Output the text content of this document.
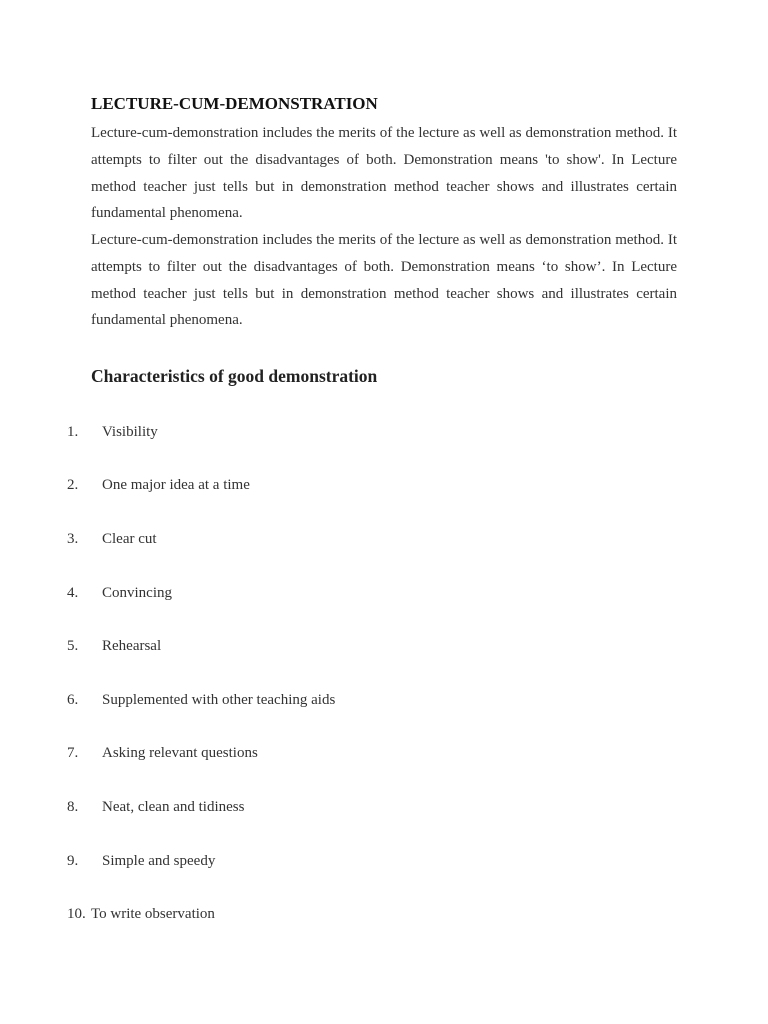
LECTURE-CUM-DEMONSTRATION

Lecture-cum-demonstration includes the merits of the lecture as well as demonstration method. It attempts to filter out the disadvantages of both. Demonstration means 'to show'. In Lecture method teacher just tells but in demonstration method teacher shows and illustrates certain fundamental phenomena.

Lecture-cum-demonstration includes the merits of the lecture as well as demonstration method. It attempts to filter out the disadvantages of both. Demonstration means ‘to show’. In Lecture method teacher just tells but in demonstration method teacher shows and illustrates certain fundamental phenomena.

Characteristics of good demonstration
1. Visibility
2. One major idea at a time
3. Clear cut
4. Convincing
5. Rehearsal
6. Supplemented with other teaching aids
7. Asking relevant questions
8. Neat, clean and tidiness
9. Simple and speedy
10. To write observation
